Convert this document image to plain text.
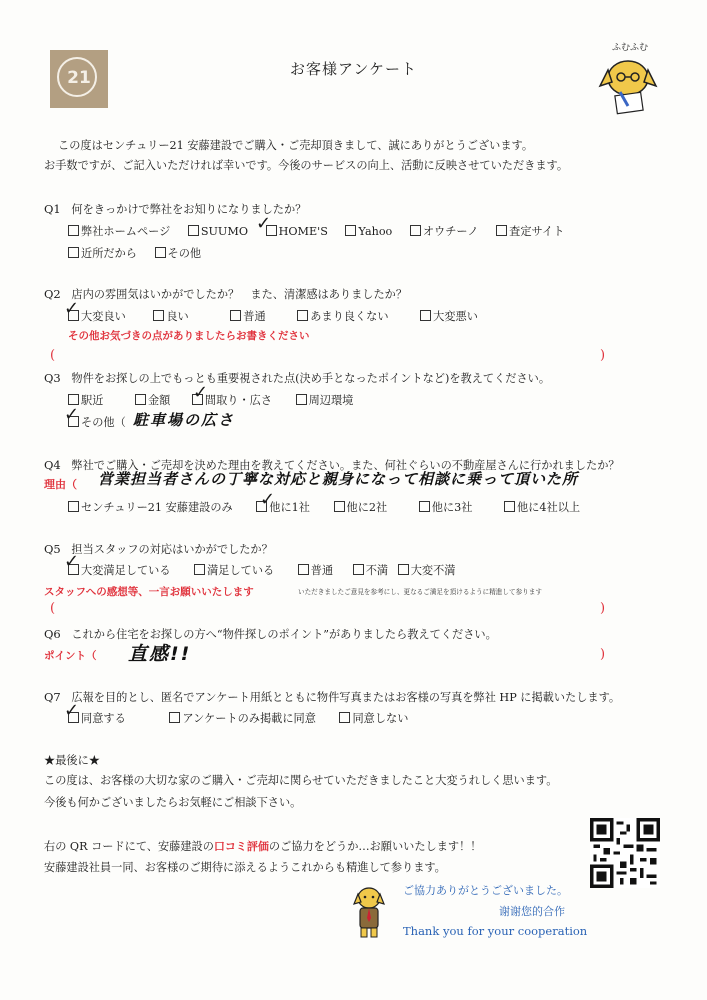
21	お客様アンケート
ふむふむ
この度はセンチュリー21 安藤建設でご購入・ご売却頂きまして、誠にありがとうございます。
お手数ですが、ご記入いただければ幸いです。今後のサービスの向上、活動に反映させていただきます。
Q1 何をきっかけで弊社をお知りになりましたか？
弊社ホームページ	SUUMO	HOME'S	Yahoo	オウチーノ	査定サイト
✓
近所だから	その他
Q2 店内の雰囲気はいかがでしたか？　また、清潔感はありましたか？
大変良い	良い	普通	あまり良くない	大変悪い
✓
その他お気づきの点がありましたらお書きください
(	)
Q3 物件をお探しの上でもっとも重要視された点(決め手となったポイントなど)を教えてください。
駅近	金額	間取り・広さ	周辺環境
✓
その他（
✓	駐車場の広さ
Q4 弊社でご購入・ご売却を決めた理由を教えてください。また、何社ぐらいの不動産屋さんに行かれましたか？
理由（ 営業担当者さんの丁寧な対応と親身になって相談に乗って頂いた所
センチュリー21 安藤建設のみ	他に1社	他に2社	他に3社	他に4社以上
✓
Q5 担当スタッフの対応はいかがでしたか？
大変満足している	満足している	普通	不満 大変不満
✓
スタッフへの感想等、一言お願いいたします	いただきましたご意見を参考にし、更なるご満足を頂けるように精進して参ります
(	)
Q6 これから住宅をお探しの方へ“物件探しのポイント”がありましたら教えてください。
ポイント（ 直感!!	)
Q7 広報を目的とし、匿名でアンケート用紙とともに物件写真またはお客様の写真を弊社 HP に掲載いたします。
同意する	アンケートのみ掲載に同意	同意しない
✓
★最後に★
この度は、お客様の大切な家のご購入・ご売却に関らせていただきましたこと大変うれしく思います。
今後も何かございましたらお気軽にご相談下さい。
右の QR コードにて、安藤建設の口コミ評価のご協力をどうか…お願いいたします！！
安藤建設社員一同、お客様のご期待に添えるようこれからも精進して参ります。
ご協力ありがとうございました。
谢谢您的合作
Thank you for your cooperation
